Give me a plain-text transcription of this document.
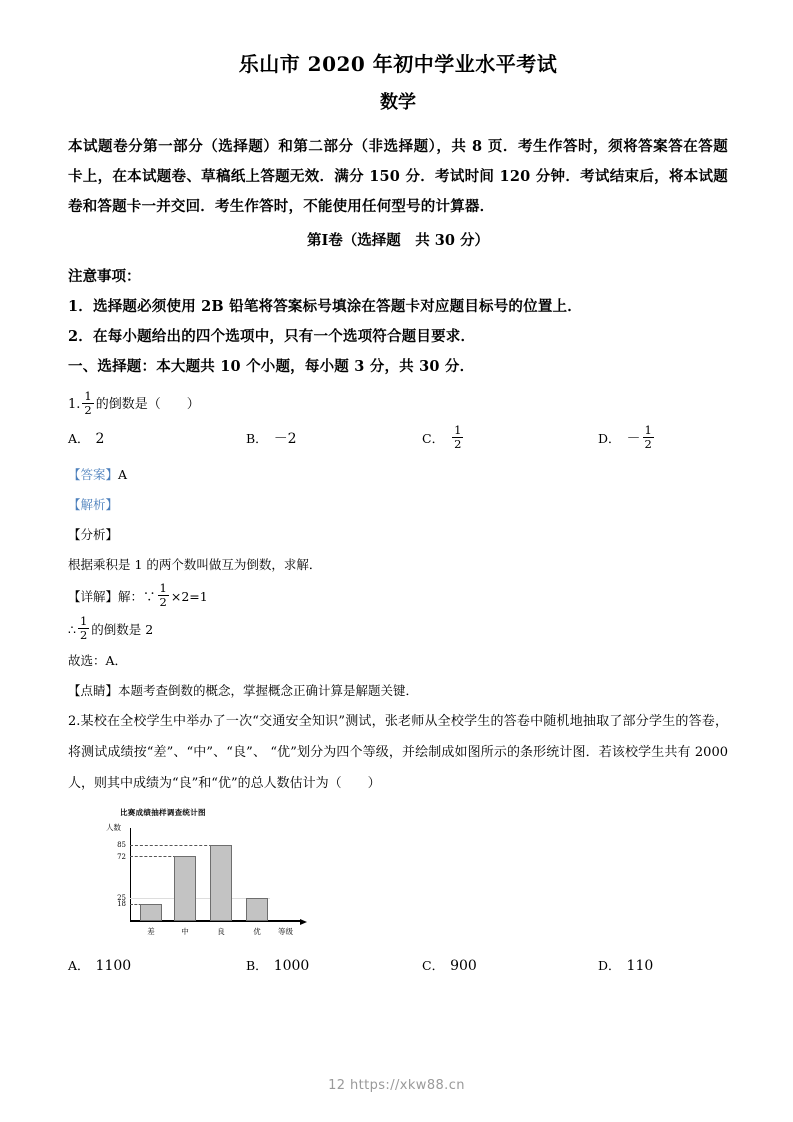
乐山市 2020 年初中学业水平考试
数学

本试题卷分第一部分（选择题）和第二部分（非选择题），共 8 页．考生作答时，须将答案答在答题卡上，在本试题卷、草稿纸上答题无效．满分 150 分．考试时间 120 分钟．考试结束后，将本试题卷和答题卡一并交回．考生作答时，不能使用任何型号的计算器．

第Ⅰ卷（选择题　共 30 分）

注意事项：

1．选择题必须使用 2B 铅笔将答案标号填涂在答题卡对应题目标号的位置上．

2．在每小题给出的四个选项中，只有一个选项符合题目要求．

一、选择题：本大题共 10 个小题，每小题 3 分，共 30 分．

1. $\frac{1}{2}$ 的倒数是（　　）
A． 2	B． －2	C． $\frac{1}{2}$	D． － $\frac{1}{2}$

【答案】A

【解析】

【分析】

根据乘积是 1 的两个数叫做互为倒数，求解．

【详解】 解：∵ $\frac{1}{2} \times 2=1$
∴ $\frac{1}{2}$ 的倒数是 2

故选：A．

【点睛】本题考查倒数的概念，掌握概念正确计算是解题关键．

2.某校在全校学生中举办了一次“交通安全知识”测试，张老师从全校学生的答卷中随机地抽取了部分学生的答卷，将测试成绩按“差”、“中”、“良”、 “优”划分为四个等级，并绘制成如图所示的条形统计图．若该校学生共有 2000 人，则其中成绩为“良”和“优”的总人数估计为（　　）

比赛成绩抽样调查统计图
人数
85
72
25
18
差	中	良	优	等级
A． 1100	B． 1000	C． 900	D． 110
12 https://xkw88.cn
